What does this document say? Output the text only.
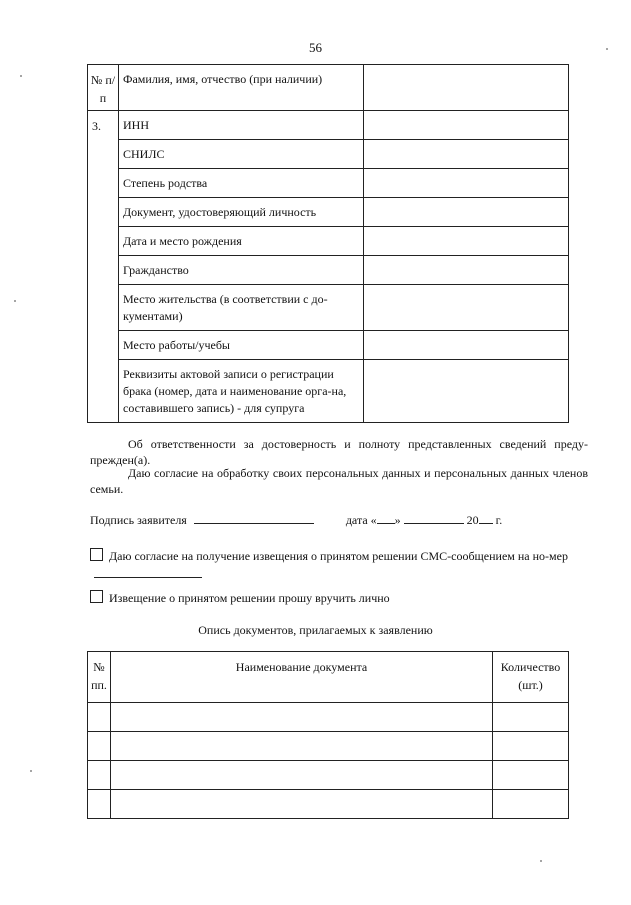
56
№ п/п	Фамилия, имя, отчество (при наличии)	
3.	ИНН	
	СНИЛС	
	Степень родства	
	Документ, удостоверяющий личность	
	Дата и место рождения	
	Гражданство	
	Место жительства (в соответствии с до-кументами)	
	Место работы/учебы	
	Реквизиты актовой записи о регистрации брака (номер, дата и наименование орга-на, составившего запись) - для супруга	
Об ответственности за достоверность и полноту представленных сведений преду-прежден(а).
Даю согласие на обработку своих персональных данных и персональных данных членов семьи.
Подпись заявителя	дата « »	20 г.
Даю согласие на получение извещения о принятом решении СМС-сообщением на но-мер
Извещение о принятом решении прошу вручить лично
Опись документов, прилагаемых к заявлению
№ пп.	Наименование документа	Количество (шт.)
